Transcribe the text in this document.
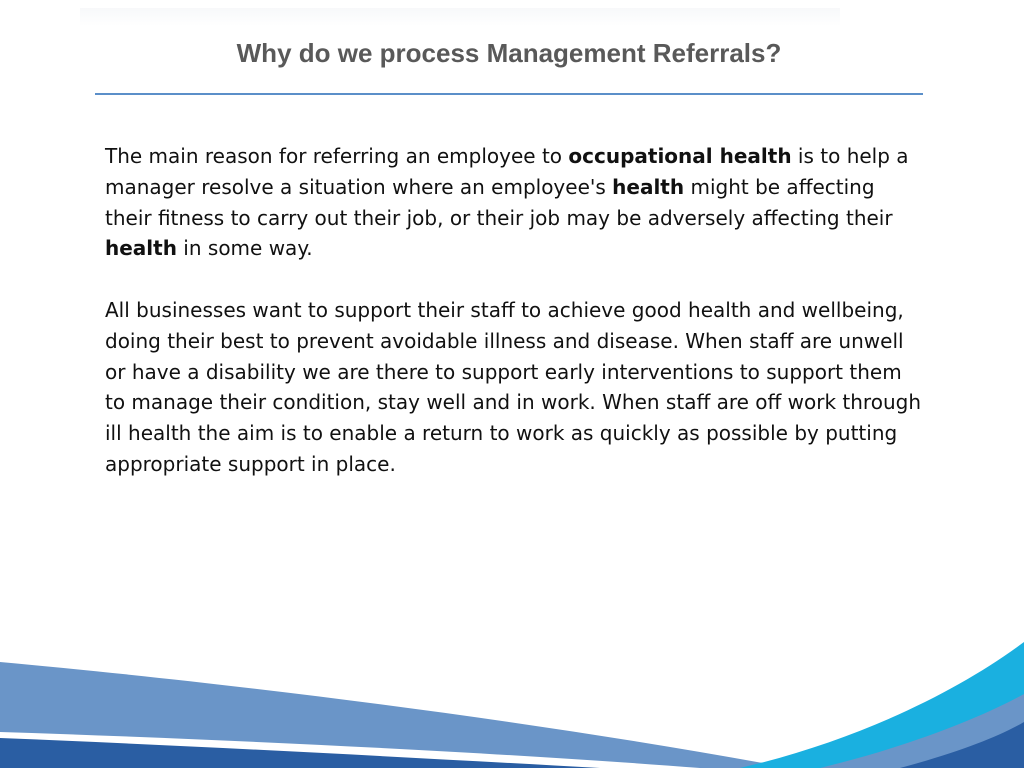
Why do we process Management Referrals?

The main reason for referring an employee to occupational health is to help a manager resolve a situation where an employee's health might be affecting their fitness to carry out their job, or their job may be adversely affecting their health in some way.

All businesses want to support their staff to achieve good health and wellbeing, doing their best to prevent avoidable illness and disease. When staff are unwell or have a disability we are there to support early interventions to support them to manage their condition, stay well and in work. When staff are off work through ill health the aim is to enable a return to work as quickly as possible by putting appropriate support in place.
